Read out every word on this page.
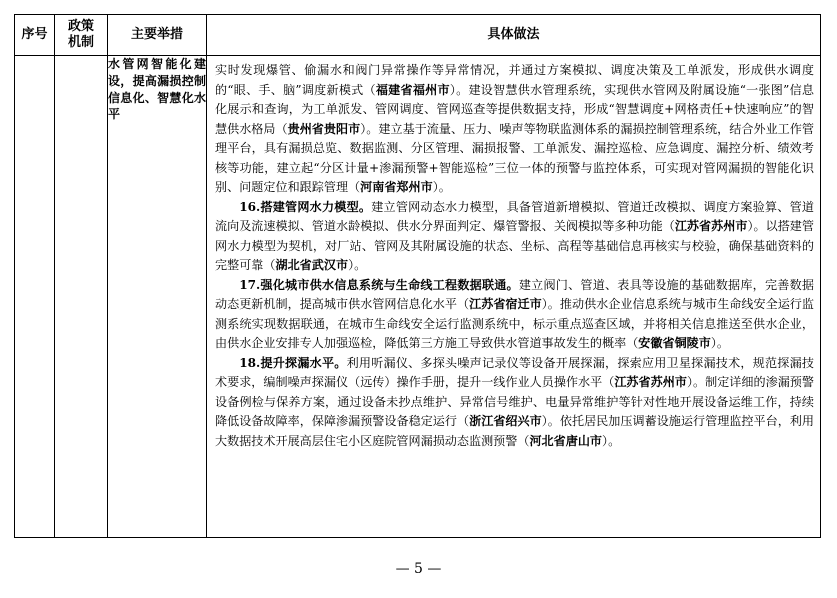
序号	政策机制	主要举措	具体做法
		水管网智能化建设，提高漏损控制信息化、智慧化水平	实时发现爆管、偷漏水和阀门异常操作等异常情况，并通过方案模拟、调度决策及工单派发，形成供水调度的“眼、手、脑”调度新模式（福建省福州市）。建设智慧供水管理系统，实现供水管网及附属设施“一张图”信息化展示和查询，为工单派发、管网调度、管网巡查等提供数据支持，形成“智慧调度+网格责任+快速响应”的智慧供水格局（贵州省贵阳市）。建立基于流量、压力、噪声等物联监测体系的漏损控制管理系统，结合外业工作管理平台，具有漏损总览、数据监测、分区管理、漏损报警、工单派发、漏控巡检、应急调度、漏控分析、绩效考核等功能，建立起“分区计量+渗漏预警+智能巡检”三位一体的预警与监控体系，可实现对管网漏损的智能化识别、问题定位和跟踪管理（河南省郑州市）。

16.搭建管网水力模型。建立管网动态水力模型，具备管道新增模拟、管道迁改模拟、调度方案验算、管道流向及流速模拟、管道水龄模拟、供水分界面判定、爆管警报、关阀模拟等多种功能（江苏省苏州市）。以搭建管网水力模型为契机，对厂站、管网及其附属设施的状态、坐标、高程等基础信息再核实与校验，确保基础资料的完整可靠（湖北省武汉市）。

17.强化城市供水信息系统与生命线工程数据联通。建立阀门、管道、表具等设施的基础数据库，完善数据动态更新机制，提高城市供水管网信息化水平（江苏省宿迁市）。推动供水企业信息系统与城市生命线安全运行监测系统实现数据联通，在城市生命线安全运行监测系统中，标示重点巡查区域，并将相关信息推送至供水企业，由供水企业安排专人加强巡检，降低第三方施工导致供水管道事故发生的概率（安徽省铜陵市）。

18.提升探漏水平。利用听漏仪、多探头噪声记录仪等设备开展探漏，探索应用卫星探漏技术，规范探漏技术要求，编制噪声探漏仪（远传）操作手册，提升一线作业人员操作水平（江苏省苏州市）。制定详细的渗漏预警设备例检与保养方案，通过设备未抄点维护、异常信号维护、电量异常维护等针对性地开展设备运维工作，持续降低设备故障率，保障渗漏预警设备稳定运行（浙江省绍兴市）。依托居民加压调蓄设施运行管理监控平台，利用大数据技术开展高层住宅小区庭院管网漏损动态监测预警（河北省唐山市）。

— 5 —
